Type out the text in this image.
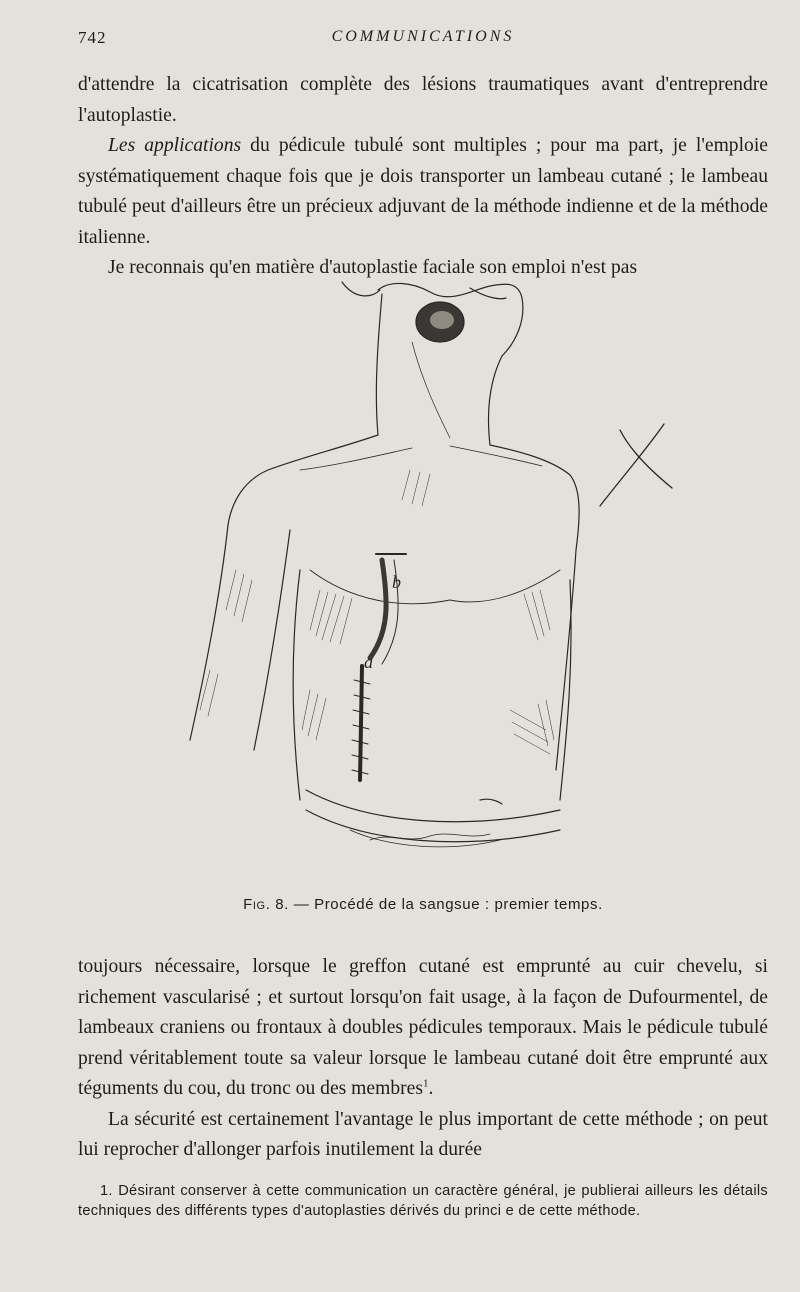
742	COMMUNICATIONS

d'attendre la cicatrisation complète des lésions traumatiques avant d'entreprendre l'autoplastie.

Les applications du pédicule tubulé sont multiples ; pour ma part, je l'emploie systématiquement chaque fois que je dois transporter un lambeau cutané ; le lambeau tubulé peut d'ailleurs être un précieux adjuvant de la méthode indienne et de la méthode italienne.

Je reconnais qu'en matière d'autoplastie faciale son emploi n'est pas

b
a
Fig. 8. — Procédé de la sangsue : premier temps.

toujours nécessaire, lorsque le greffon cutané est emprunté au cuir chevelu, si richement vascularisé ; et surtout lorsqu'on fait usage, à la façon de Dufourmentel, de lambeaux craniens ou frontaux à doubles pédicules temporaux. Mais le pédicule tubulé prend véritablement toute sa valeur lorsque le lambeau cutané doit être emprunté aux téguments du cou, du tronc ou des membres$^1$.

La sécurité est certainement l'avantage le plus important de cette méthode ; on peut lui reprocher d'allonger parfois inutilement la durée

1. Désirant conserver à cette communication un caractère général, je publierai ailleurs les détails techniques des différents types d'autoplasties dérivés du princi e de cette méthode.
